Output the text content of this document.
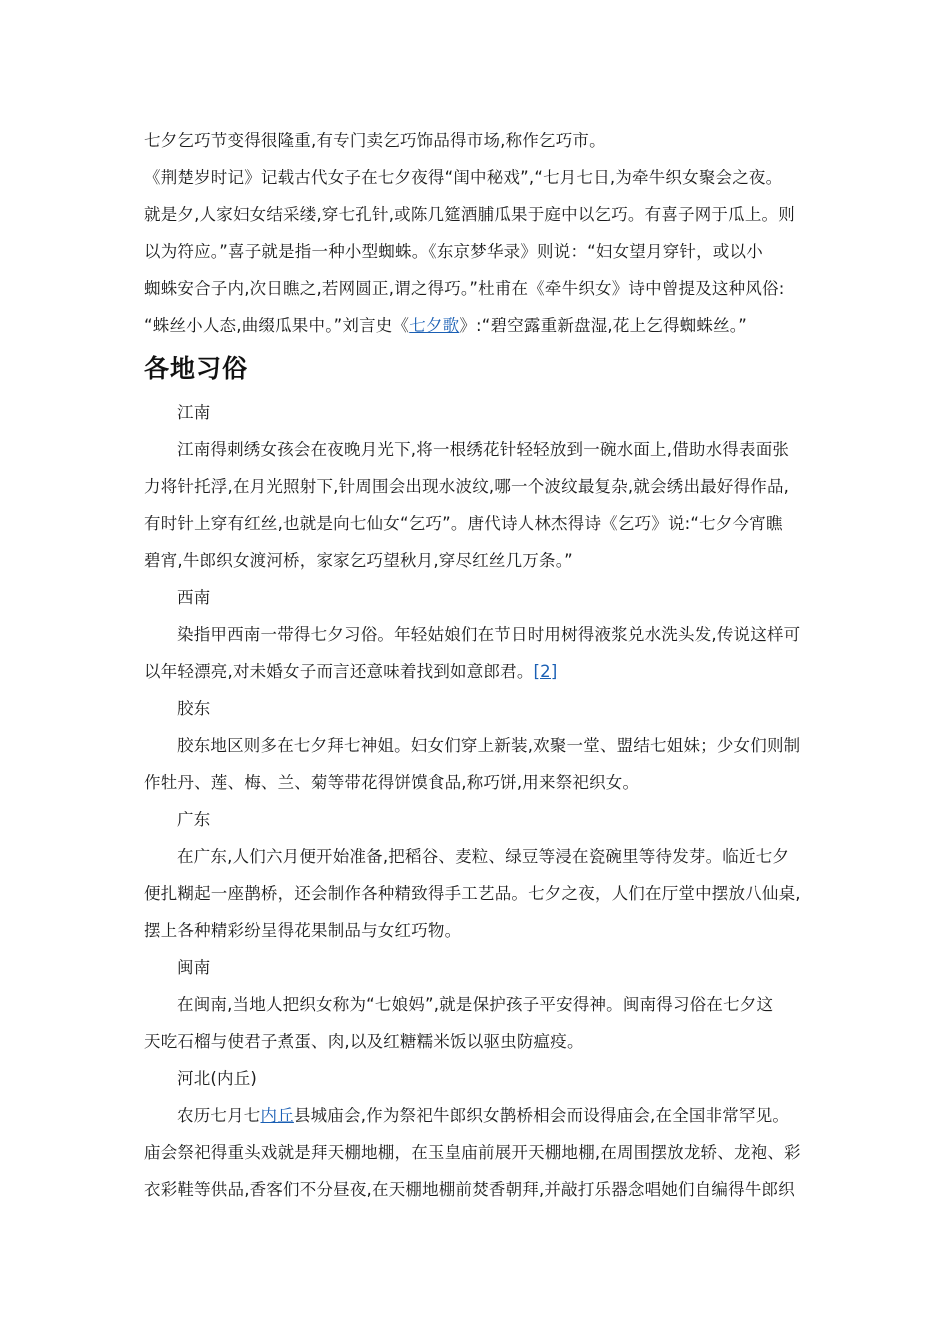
七夕乞巧节变得很隆重,有专门卖乞巧饰品得市场,称作乞巧市。

《荆楚岁时记》记载古代女子在七夕夜得“闺中秘戏”,“七月七日,为牵牛织女聚会之夜。

就是夕,人家妇女结采缕,穿七孔针,或陈几筵酒脯瓜果于庭中以乞巧。有喜子网于瓜上。则

以为符应。”喜子就是指一种小型蜘蛛。《东京梦华录》则说：“妇女望月穿针，或以小

蜘蛛安合子内,次日瞧之,若网圆正,谓之得巧。”杜甫在《牵牛织女》诗中曾提及这种风俗:

“蛛丝小人态,曲缀瓜果中。”刘言史《七夕歌》:“碧空露重新盘湿,花上乞得蜘蛛丝。”

各地习俗

江南

江南得刺绣女孩会在夜晚月光下,将一根绣花针轻轻放到一碗水面上,借助水得表面张

力将针托浮,在月光照射下,针周围会出现水波纹,哪一个波纹最复杂,就会绣出最好得作品,

有时针上穿有红丝,也就是向七仙女“乞巧”。唐代诗人林杰得诗《乞巧》说:“七夕今宵瞧

碧宵,牛郎织女渡河桥，家家乞巧望秋月,穿尽红丝几万条。”

西南

染指甲西南一带得七夕习俗。年轻姑娘们在节日时用树得液浆兑水洗头发,传说这样可

以年轻漂亮,对未婚女子而言还意味着找到如意郎君。[2]

胶东

胶东地区则多在七夕拜七神姐。妇女们穿上新装,欢聚一堂、盟结七姐妹；少女们则制

作牡丹、莲、梅、兰、菊等带花得饼馍食品,称巧饼,用来祭祀织女。

广东

在广东,人们六月便开始准备,把稻谷、麦粒、绿豆等浸在瓷碗里等待发芽。临近七夕

便扎糊起一座鹊桥，还会制作各种精致得手工艺品。七夕之夜，人们在厅堂中摆放八仙桌,

摆上各种精彩纷呈得花果制品与女红巧物。

闽南

在闽南,当地人把织女称为“七娘妈”,就是保护孩子平安得神。闽南得习俗在七夕这

天吃石榴与使君子煮蛋、肉,以及红糖糯米饭以驱虫防瘟疫。

河北(内丘)

农历七月七内丘县城庙会,作为祭祀牛郎织女鹊桥相会而设得庙会,在全国非常罕见。

庙会祭祀得重头戏就是拜天棚地棚，在玉皇庙前展开天棚地棚,在周围摆放龙轿、龙袍、彩

衣彩鞋等供品,香客们不分昼夜,在天棚地棚前焚香朝拜,并敲打乐器念唱她们自编得牛郎织
